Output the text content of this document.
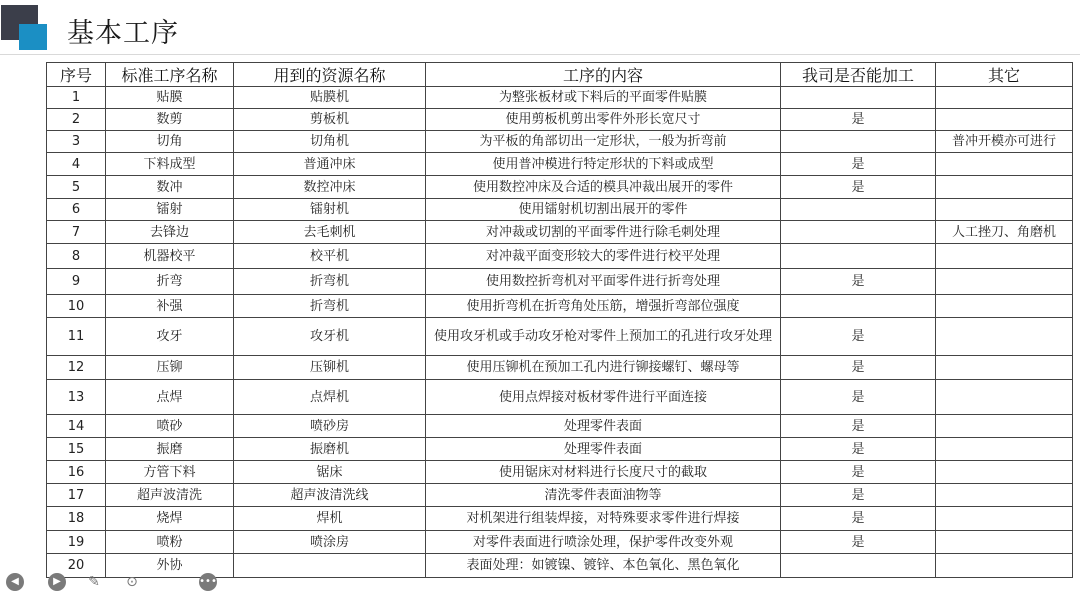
基本工序
序号	标准工序名称	用到的资源名称	工序的内容	我司是否能加工	其它
1	贴膜	贴膜机	为整张板材或下料后的平面零件贴膜		
2	数剪	剪板机	使用剪板机剪出零件外形长宽尺寸	是	
3	切角	切角机	为平板的角部切出一定形状，一般为折弯前		普冲开模亦可进行
4	下料成型	普通冲床	使用普冲模进行特定形状的下料或成型	是	
5	数冲	数控冲床	使用数控冲床及合适的模具冲裁出展开的零件	是	
6	镭射	镭射机	使用镭射机切割出展开的零件		
7	去锋边	去毛刺机	对冲裁或切割的平面零件进行除毛刺处理		人工挫刀、角磨机
8	机器校平	校平机	对冲裁平面变形较大的零件进行校平处理		
9	折弯	折弯机	使用数控折弯机对平面零件进行折弯处理	是	
10	补强	折弯机	使用折弯机在折弯角处压筋，增强折弯部位强度		
11	攻牙	攻牙机	使用攻牙机或手动攻牙枪对零件上预加工的孔进行攻牙处理	是	
12	压铆	压铆机	使用压铆机在预加工孔内进行铆接螺钉、螺母等	是	
13	点焊	点焊机	使用点焊接对板材零件进行平面连接	是	
14	喷砂	喷砂房	处理零件表面	是	
15	振磨	振磨机	处理零件表面	是	
16	方管下料	锯床	使用锯床对材料进行长度尺寸的截取	是	
17	超声波清洗	超声波清洗线	清洗零件表面油物等	是	
18	烧焊	焊机	对机架进行组装焊接，对特殊要求零件进行焊接	是	
19	喷粉	喷涂房	对零件表面进行喷涂处理，保护零件改变外观	是	
20	外协		表面处理：如镀镍、镀锌、本色氧化、黑色氧化		
◀	▶	✎ ⊙	•••
